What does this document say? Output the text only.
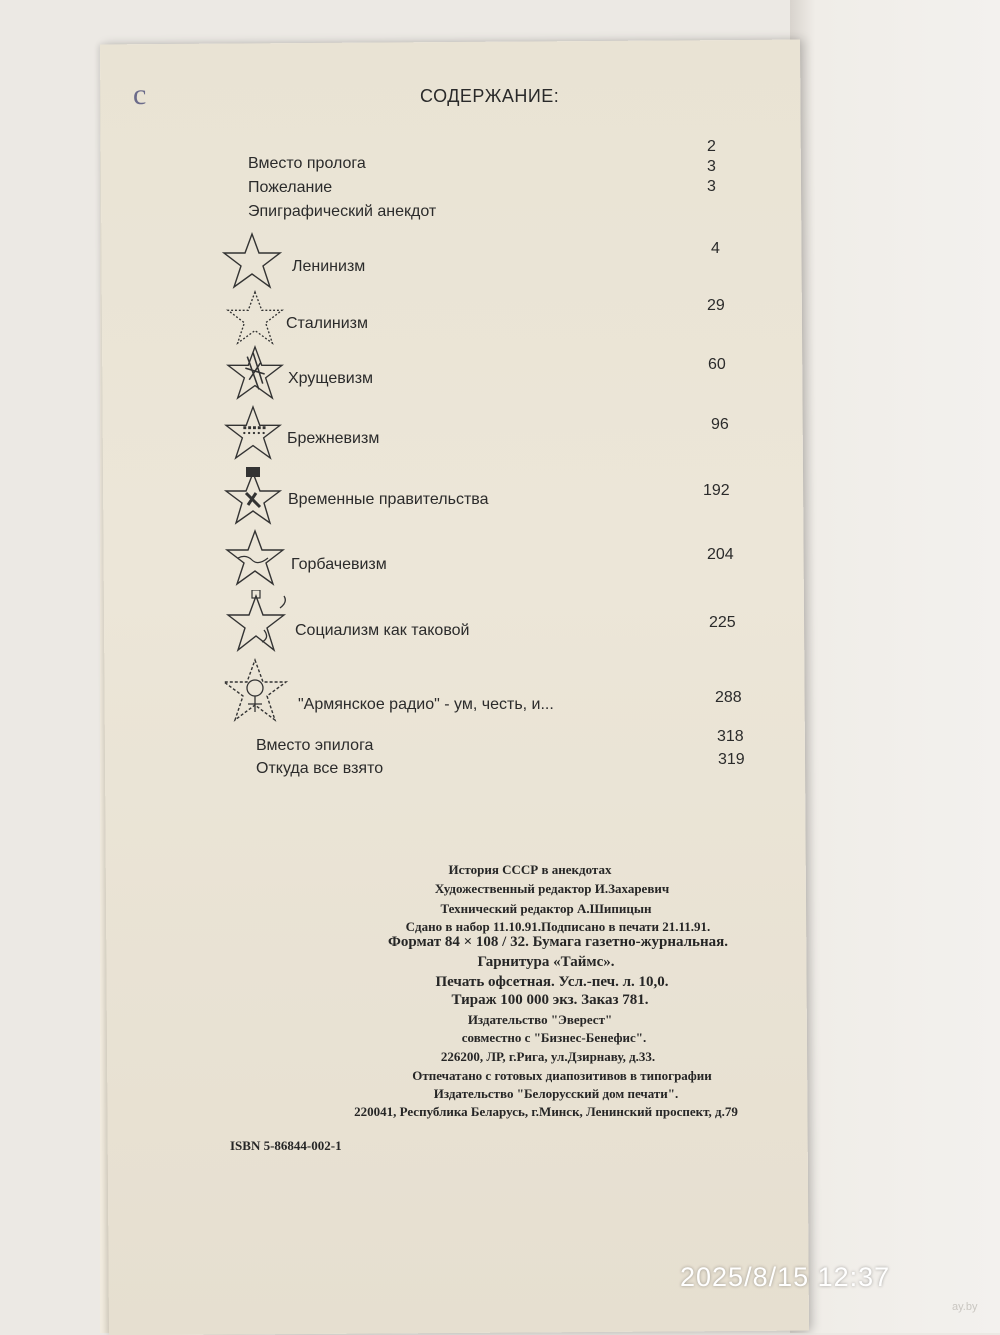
с	СОДЕРЖАНИЕ:
Вместо пролога
Пожелание
Эпиграфический анекдот
2
3
3
Ленинизм
Сталинизм
Хрущевизм
Брежневизм
Временные правительства
Горбачевизм
Социализм как таковой
"Армянское радио" - ум, честь, и...
4
29
60
96
192
204
225
288
Вместо эпилога
Откуда все взято
318
319
История СССР в анекдотах
Художественный редактор И.Захаревич
Технический редактор А.Шипицын
Сдано в набор 11.10.91.Подписано в печати 21.11.91.
Формат 84 × 108 / 32. Бумага газетно-журнальная.
Гарнитура «Таймс».
Печать офсетная. Усл.-печ. л. 10,0.
Тираж 100 000 экз. Заказ 781.
Издательство "Эверест"
совместно с "Бизнес-Бенефис".
226200, ЛР, г.Рига, ул.Дзирнаву, д.33.
Отпечатано с готовых диапозитивов в типографии
Издательство "Белорусский дом печати".
220041, Республика Беларусь, г.Минск, Ленинский проспект, д.79
ISBN 5-86844-002-1
2025/8/15 12:37
ay.by
